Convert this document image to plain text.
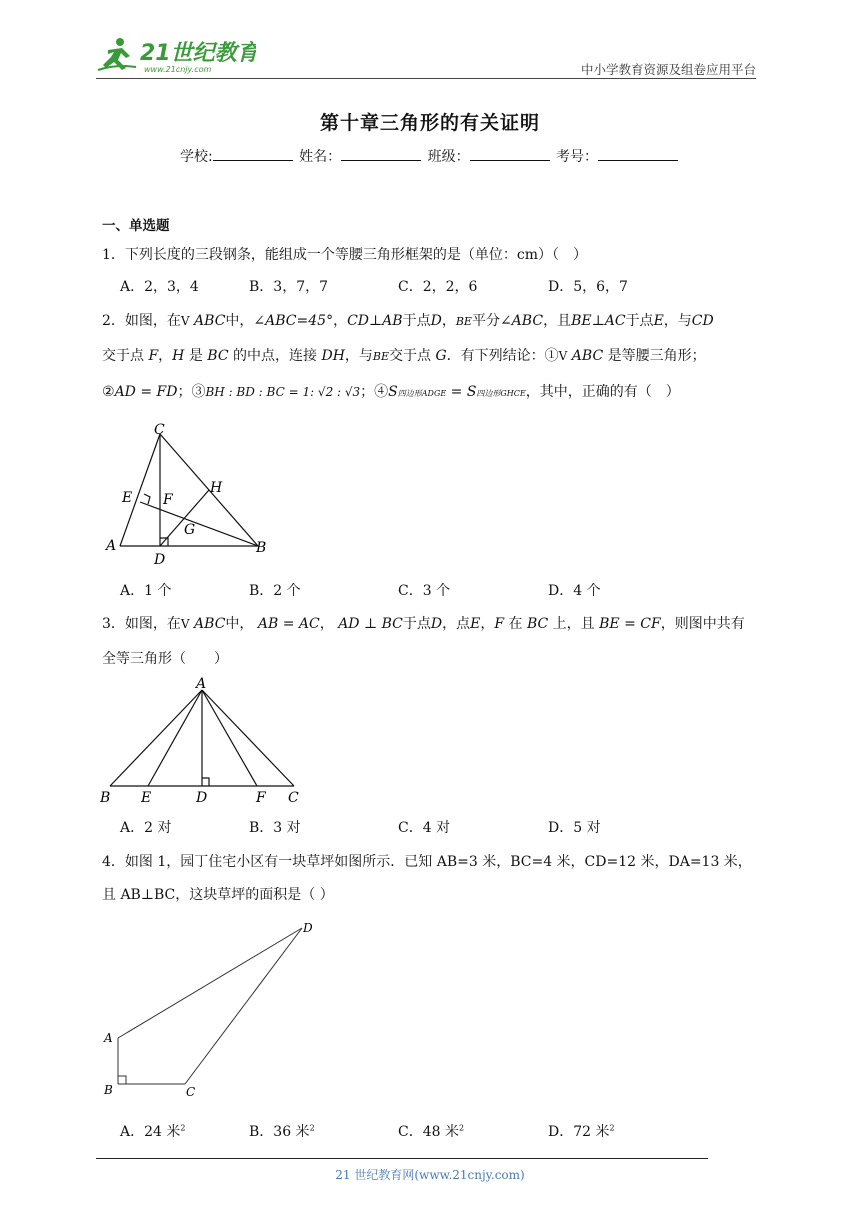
21世纪教育
www.21cnjy.com	中小学教育资源及组卷应用平台
第十章三角形的有关证明
学校:	姓名：	班级：	考号：
一、单选题
1．下列长度的三段钢条，能组成一个等腰三角形框架的是（单位：cm）（　）
A．2，3，4	B．3，7，7	C．2，2，6	D．5，6，7
2．如图，在V ABC中，∠ABC=45°，CD⊥AB于点D，BE平分∠ABC，且BE⊥AC于点E，与CD
交于点 F，H 是 BC 的中点，连接 DH，与BE交于点 G．有下列结论：①V ABC 是等腰三角形；
②AD = FD；③BH : BD : BC = 1: √2 : √3；④S四边形ADGE = S四边形GHCE，其中，正确的有（　）
C
E F
H
G
A
D
B
A．1 个	B．2 个	C．3 个	D．4 个
3．如图，在V ABC中， AB = AC， AD ⊥ BC于点D，点E，F 在 BC 上，且 BE = CF，则图中共有
全等三角形（　　）
A
B E	D	F C
A．2 对	B．3 对	C．4 对	D．5 对
4．如图 1，园丁住宅小区有一块草坪如图所示．已知 AB=3 米，BC=4 米，CD=12 米，DA=13 米，
且 AB⊥BC，这块草坪的面积是（ ）
D
A
B	C
A．24 米$^2$	B．36 米$^2$	C．48 米$^2$	D．72 米$^2$
21 世纪教育网(www.21cnjy.com)
